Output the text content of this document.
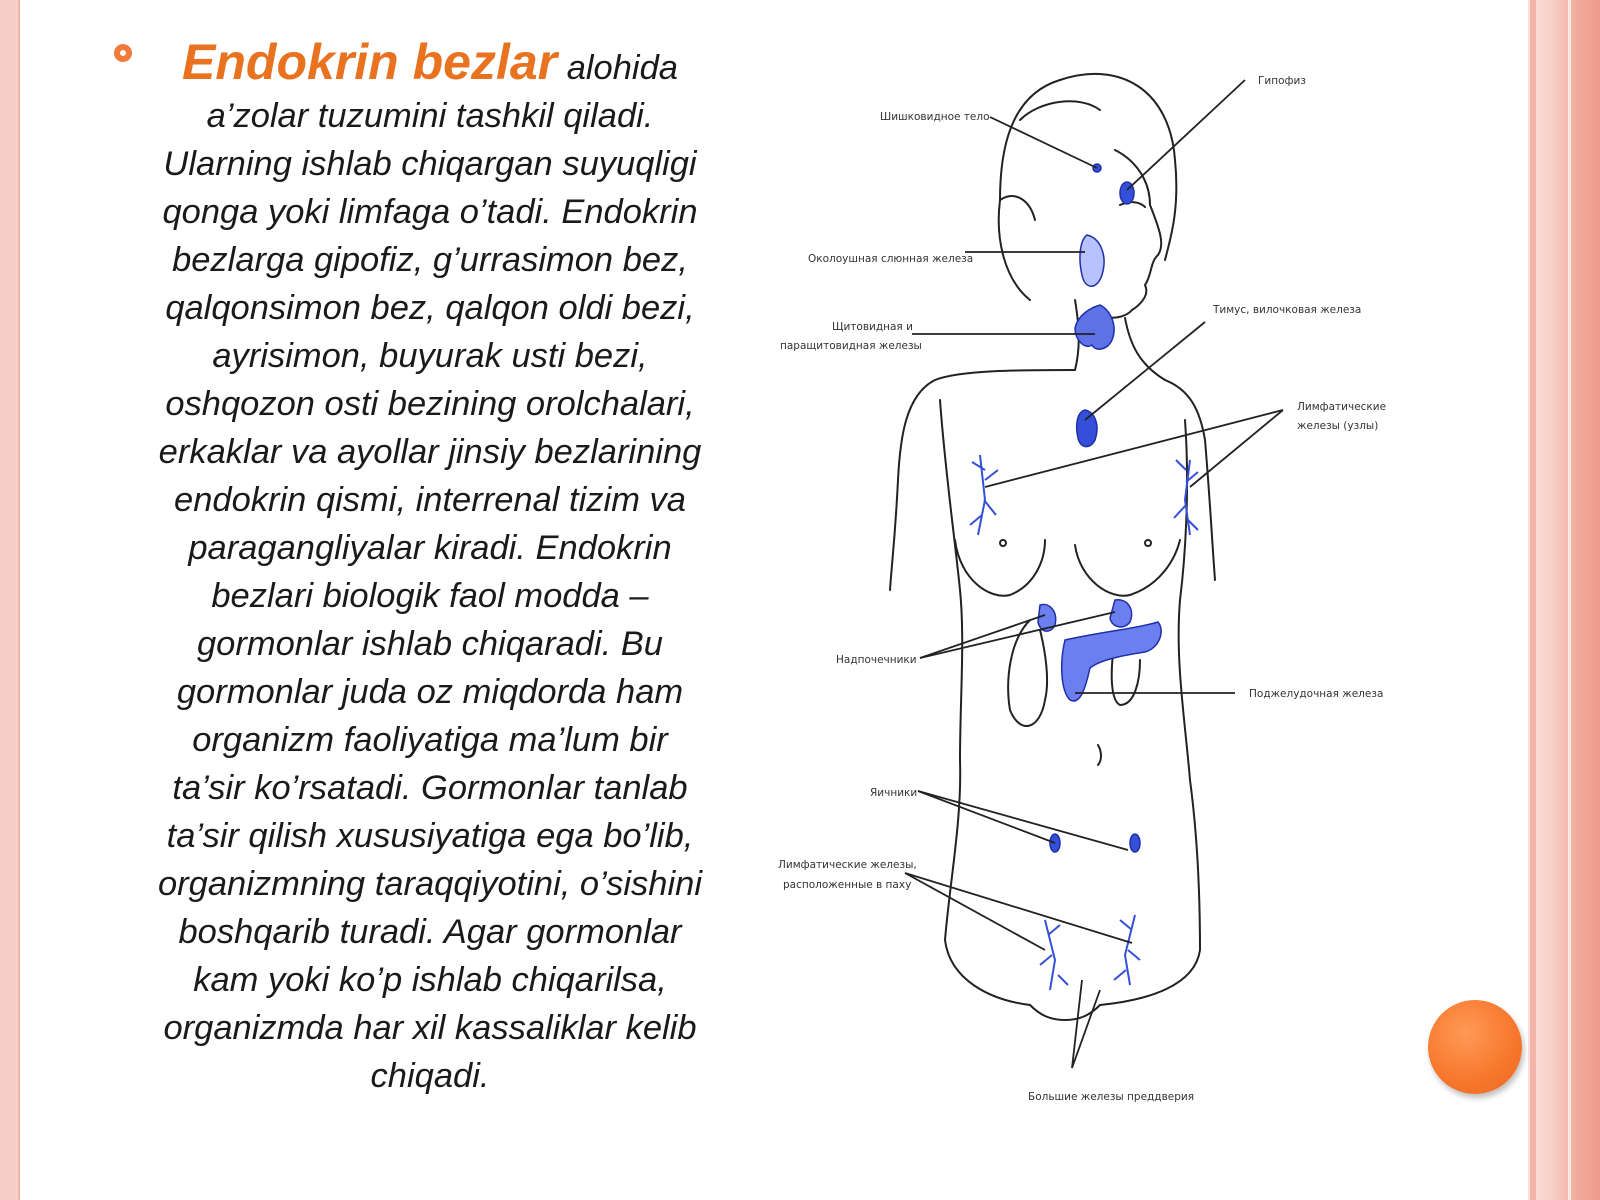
Endokrin bezlar alohida
a’zolar tuzumini tashkil qiladi.
Ularning ishlab chiqargan suyuqligi
qonga yoki limfaga o’tadi. Endokrin
bezlarga gipofiz, g’urrasimon bez,
qalqonsimon bez, qalqon oldi bezi,
ayrisimon, buyurak usti bezi,
oshqozon osti bezining orolchalari,
erkaklar va ayollar jinsiy bezlarining
endokrin qismi, interrenal tizim va
paragangliyalar kiradi. Endokrin
bezlari biologik faol modda –
gormonlar ishlab chiqaradi. Bu
gormonlar juda oz miqdorda ham
organizm faoliyatiga ma’lum bir
ta’sir ko’rsatadi. Gormonlar tanlab
ta’sir qilish xususiyatiga ega bo’lib,
organizmning taraqqiyotini, o’sishini
boshqarib turadi. Agar gormonlar
kam yoki ko’p ishlab chiqarilsa,
organizmda har xil kassaliklar kelib
chiqadi.
Гипофиз
Шишковидное тело
Околоушная слюнная железа
Тимус, вилочковая железа
Щитовидная и
паращитовидная железы
Лимфатические
железы (узлы)
Надпочечники
Поджелудочная железа
Яичники
Лимфатические железы,
расположенные в паху
Большие железы преддверия
